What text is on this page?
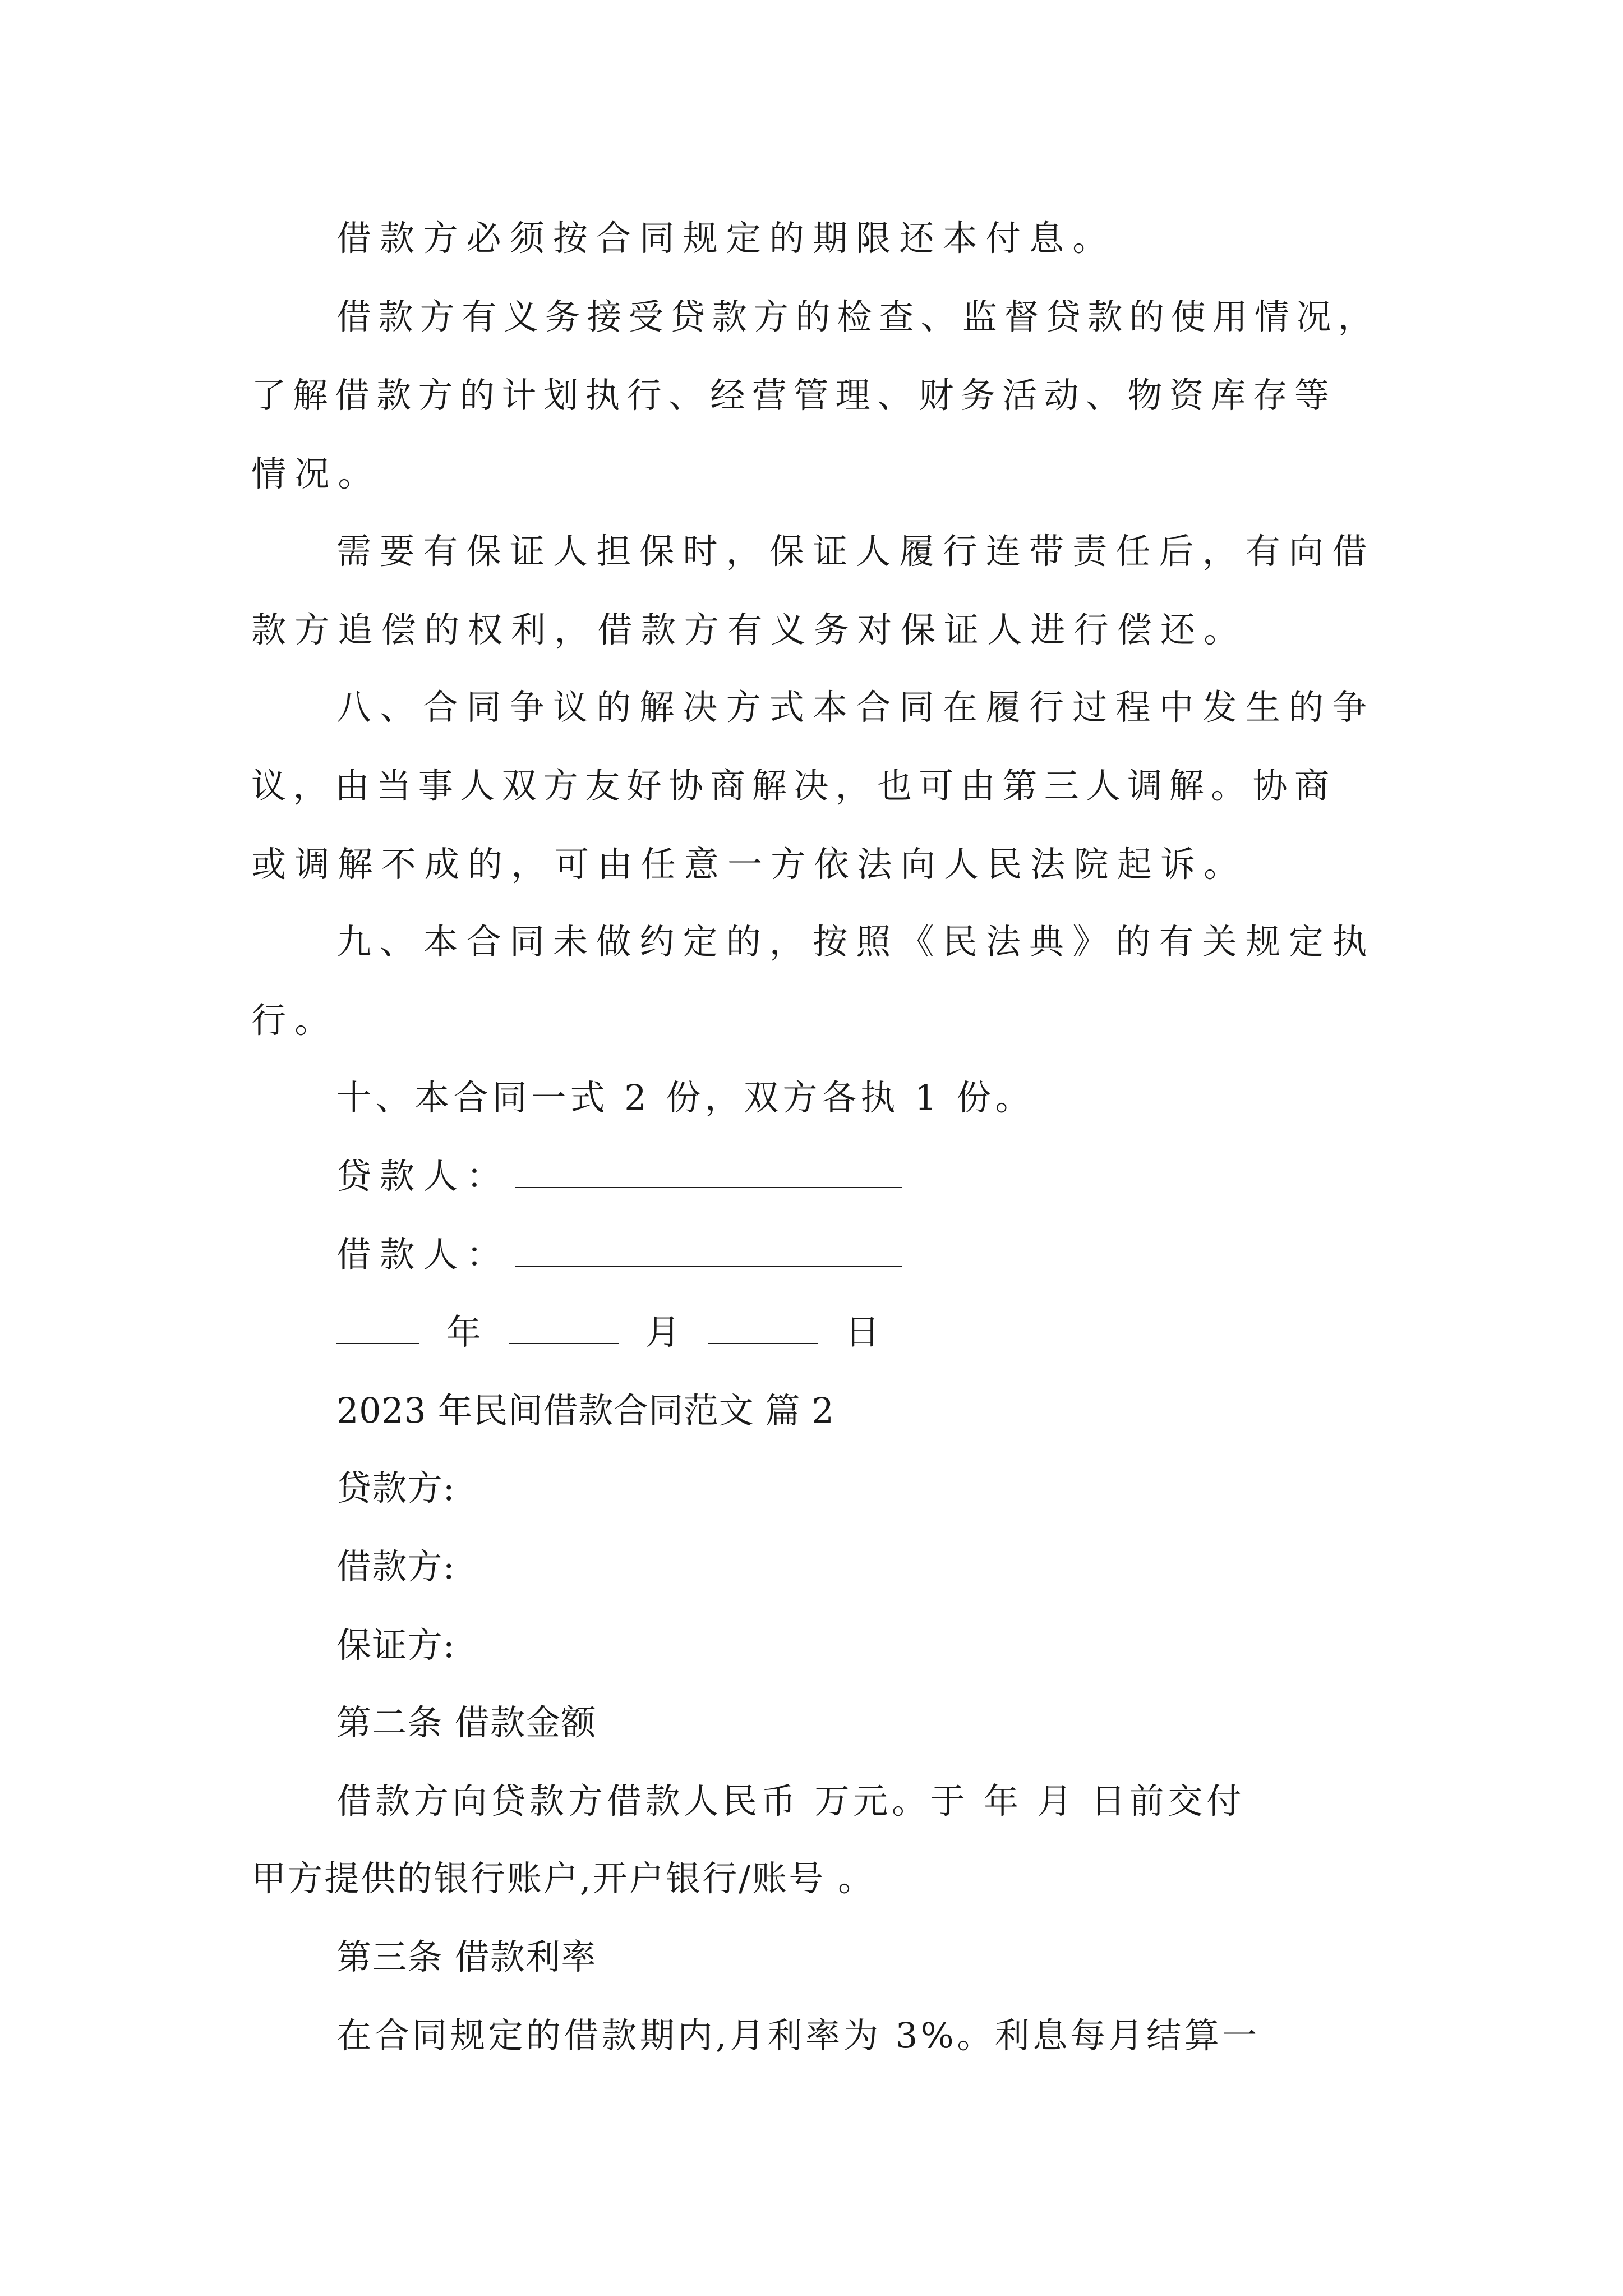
借款方必须按合同规定的期限还本付息。
借款方有义务接受贷款方的检查、监督贷款的使用情况，
了解借款方的计划执行、经营管理、财务活动、物资库存等
情况。
需要有保证人担保时，保证人履行连带责任后，有向借
款方追偿的权利，借款方有义务对保证人进行偿还。
八、合同争议的解决方式本合同在履行过程中发生的争
议，由当事人双方友好协商解决，也可由第三人调解。协商
或调解不成的，可由任意一方依法向人民法院起诉。
九、本合同未做约定的，按照《民法典》的有关规定执
行。
十、本合同一式 2 份，双方各执 1 份。
贷款人：
借款人：
年	月	日
2023 年民间借款合同范文 篇 2
贷款方:
借款方:
保证方:
第二条 借款金额
借款方向贷款方借款人民币 万元。于 年 月 日前交付
甲方提供的银行账户,开户银行/账号 。
第三条 借款利率
在合同规定的借款期内,月利率为 3%。利息每月结算一
